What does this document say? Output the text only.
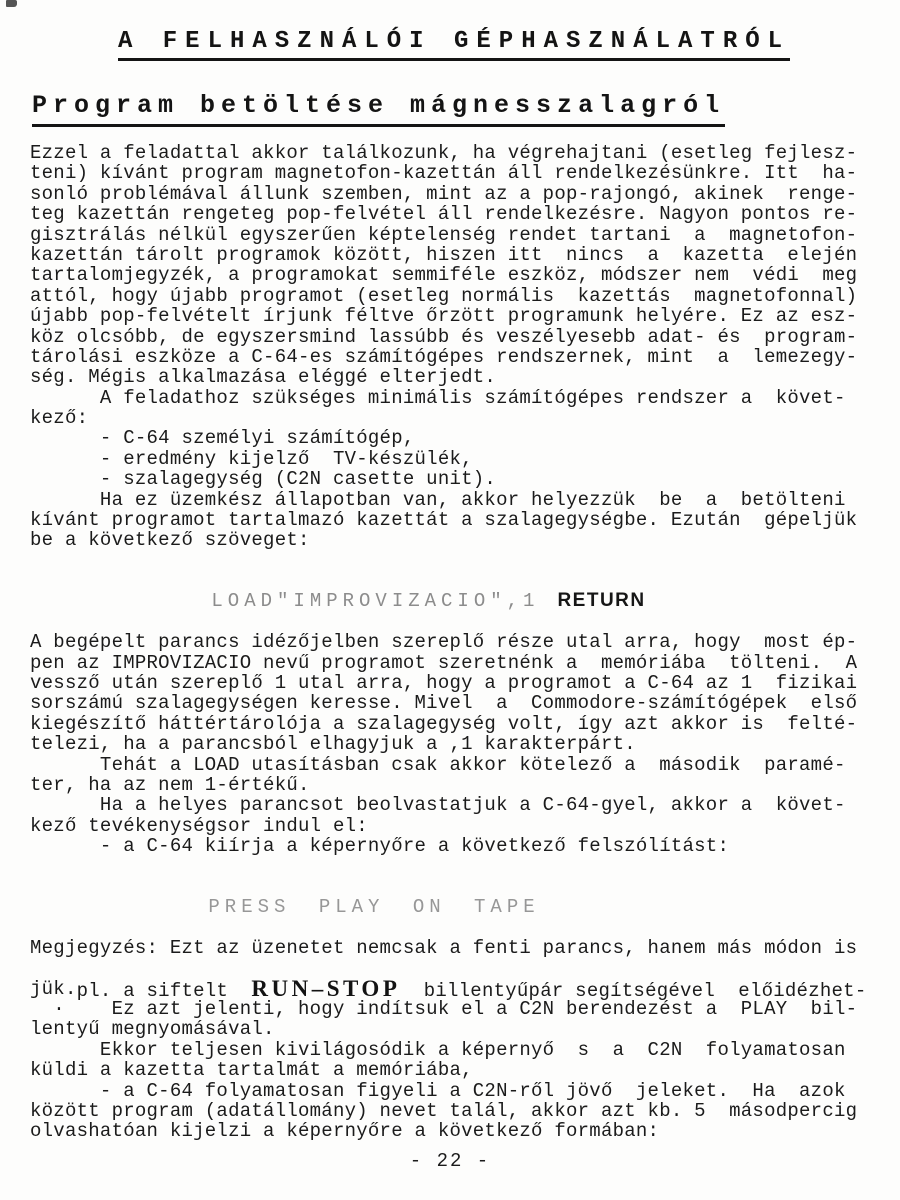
A FELHASZNÁLÓI GÉPHASZNÁLATRÓL
Program betöltése mágnesszalagról
Ezzel a feladattal akkor találkozunk, ha végrehajtani (esetleg fejlesz-
teni) kívánt program magnetofon-kazettán áll rendelkezésünkre. Itt  ha-
sonló problémával állunk szemben, mint az a pop-rajongó, akinek  renge-
teg kazettán rengeteg pop-felvétel áll rendelkezésre. Nagyon pontos re-
gisztrálás nélkül egyszerűen képtelenség rendet tartani  a  magnetofon-
kazettán tárolt programok között, hiszen itt  nincs  a  kazetta  elején
tartalomjegyzék, a programokat semmiféle eszköz, módszer nem  védi  meg
attól, hogy újabb programot (esetleg normális  kazettás  magnetofonnal)
újabb pop-felvételt írjunk féltve őrzött programunk helyére. Ez az esz-
köz olcsóbb, de egyszersmind lassúbb és veszélyesebb adat- és  program-
tárolási eszköze a C-64-es számítógépes rendszernek, mint  a  lemezegy-
ség. Mégis alkalmazása eléggé elterjedt.
A feladathoz szükséges minimális számítógépes rendszer a  követ-
kező:
- C-64 személyi számítógép,
- eredmény kijelző  TV-készülék,
- szalagegység (C2N casette unit).
Ha ez üzemkész állapotban van, akkor helyezzük  be  a  betölteni
kívánt programot tartalmazó kazettát a szalagegységbe. Ezután  gépeljük
be a következő szöveget:

LOAD"IMPROVIZACIO",1 RETURN

A begépelt parancs idézőjelben szereplő része utal arra, hogy  most ép-
pen az IMPROVIZACIO nevű programot szeretnénk a  memóriába  tölteni.  A
vessző után szereplő 1 utal arra, hogy a programot a C-64 az 1  fizikai
sorszámú szalagegységen keresse. Mivel  a  Commodore-számítógépek  első
kiegészítő háttértárolója a szalagegység volt, így azt akkor is  felté-
telezi, ha a parancsból elhagyjuk a ,1 karakterpárt.
Tehát a LOAD utasításban csak akkor kötelező a  második  paramé-
ter, ha az nem 1-értékű.
Ha a helyes parancsot beolvastatjuk a C-64-gyel, akkor a  követ-
kező tevékenységsor indul el:
- a C-64 kiírja a képernyőre a következő felszólítást:

PRESS PLAY ON TAPE

Megjegyzés: Ezt az üzenetet nemcsak a fenti parancs, hanem más módon is

pl. a siftelt  RUN–STOP  billentyűpár segítségével  előidézhet-

jük.
·    Ez azt jelenti, hogy indítsuk el a C2N berendezést a  PLAY  bil-
lentyű megnyomásával.
Ekkor teljesen kivilágosódik a képernyő  s  a  C2N  folyamatosan
küldi a kazetta tartalmát a memóriába,
- a C-64 folyamatosan figyeli a C2N-ről jövő  jeleket.  Ha  azok
között program (adatállomány) nevet talál, akkor azt kb. 5  másodpercig
olvashatóan kijelzi a képernyőre a következő formában:
- 22 -
